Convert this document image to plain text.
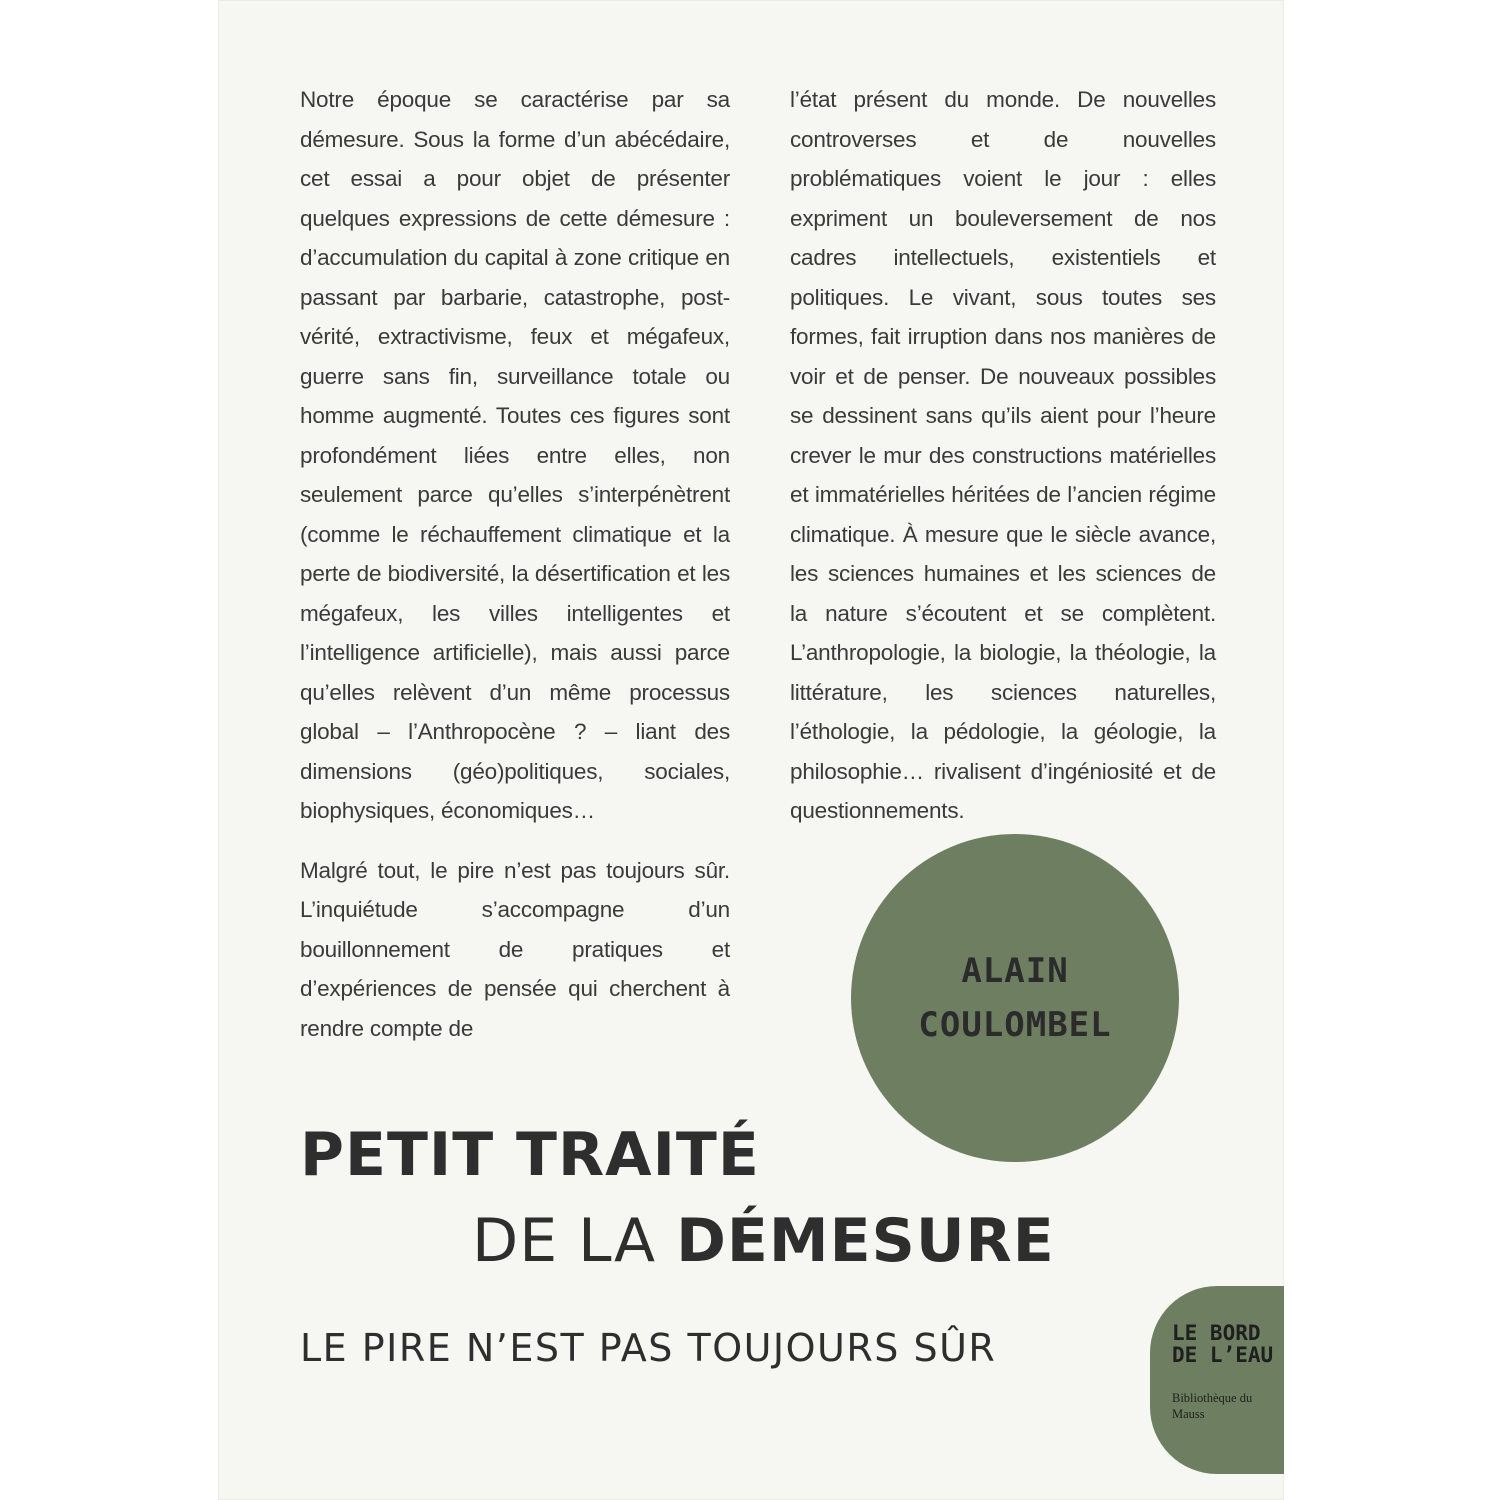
Notre époque se caractérise par sa démesure. Sous la forme d’un abécédaire, cet essai a pour objet de présenter quelques expressions de cette démesure : d’accumulation du capital à zone critique en passant par barbarie, catastrophe, post-vérité, extractivisme, feux et mégafeux, guerre sans fin, surveillance totale ou homme augmenté. Toutes ces figures sont profondément liées entre elles, non seulement parce qu’elles s’interpénètrent (comme le réchauffement climatique et la perte de biodiversité, la désertification et les mégafeux, les villes intelligentes et l’intelligence artificielle), mais aussi parce qu’elles relèvent d’un même processus global – l’Anthropocène ? – liant des dimensions (géo)politiques, sociales, biophysiques, économiques…

Malgré tout, le pire n’est pas toujours sûr. L’inquiétude s’accompagne d’un bouillonnement de pratiques et d’expériences de pensée qui cherchent à rendre compte de

l’état présent du monde. De nouvelles controverses et de nouvelles problématiques voient le jour : elles expriment un bouleversement de nos cadres intellectuels, existentiels et politiques. Le vivant, sous toutes ses formes, fait irruption dans nos manières de voir et de penser. De nouveaux possibles se dessinent sans qu’ils aient pour l’heure crever le mur des constructions matérielles et immatérielles héritées de l’ancien régime climatique. À mesure que le siècle avance, les sciences humaines et les sciences de la nature s’écoutent et se complètent. L’anthropologie, la biologie, la théologie, la littérature, les sciences naturelles, l’éthologie, la pédologie, la géologie, la philosophie… rivalisent d’ingéniosité et de questionnements.

ALAIN
COULOMBEL
PETIT TRAITÉ
DE LA DÉMESURE
LE PIRE N’EST PAS TOUJOURS SÛR	LE BORD
DE L’EAU
Bibliothèque du Mauss
